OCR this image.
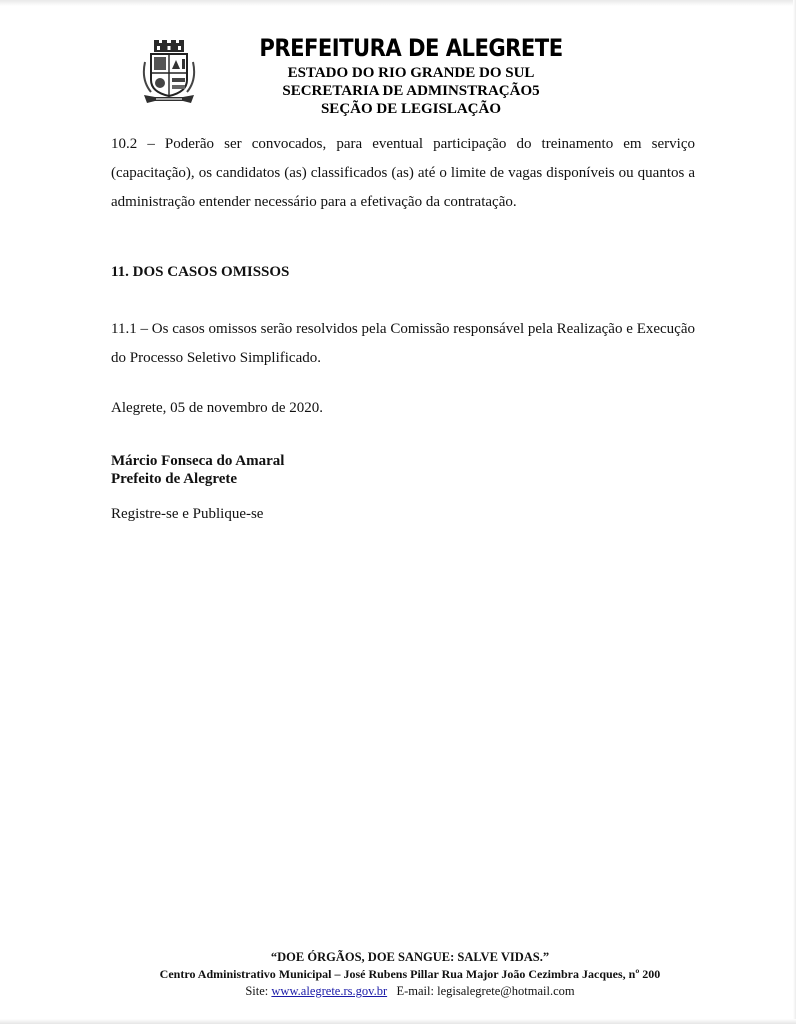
PREFEITURA DE ALEGRETE
ESTADO DO RIO GRANDE DO SUL
SECRETARIA DE ADMINSTRAÇÃO5
SEÇÃO DE LEGISLAÇÃO
10.2 – Poderão ser convocados, para eventual participação do treinamento em serviço (capacitação), os candidatos (as) classificados (as) até o limite de vagas disponíveis ou quantos a administração entender necessário para a efetivação da contratação.
11. DOS CASOS OMISSOS
11.1 – Os casos omissos serão resolvidos pela Comissão responsável pela Realização e Execução do Processo Seletivo Simplificado.
Alegrete, 05 de novembro de 2020.
Márcio Fonseca do Amaral
Prefeito de Alegrete
Registre-se e Publique-se
“DOE ÓRGÃOS, DOE SANGUE: SALVE VIDAS.”
Centro Administrativo Municipal – José Rubens Pillar Rua Major João Cezimbra Jacques, nº 200
Site: www.alegrete.rs.gov.br E-mail: legisalegrete@hotmail.com
